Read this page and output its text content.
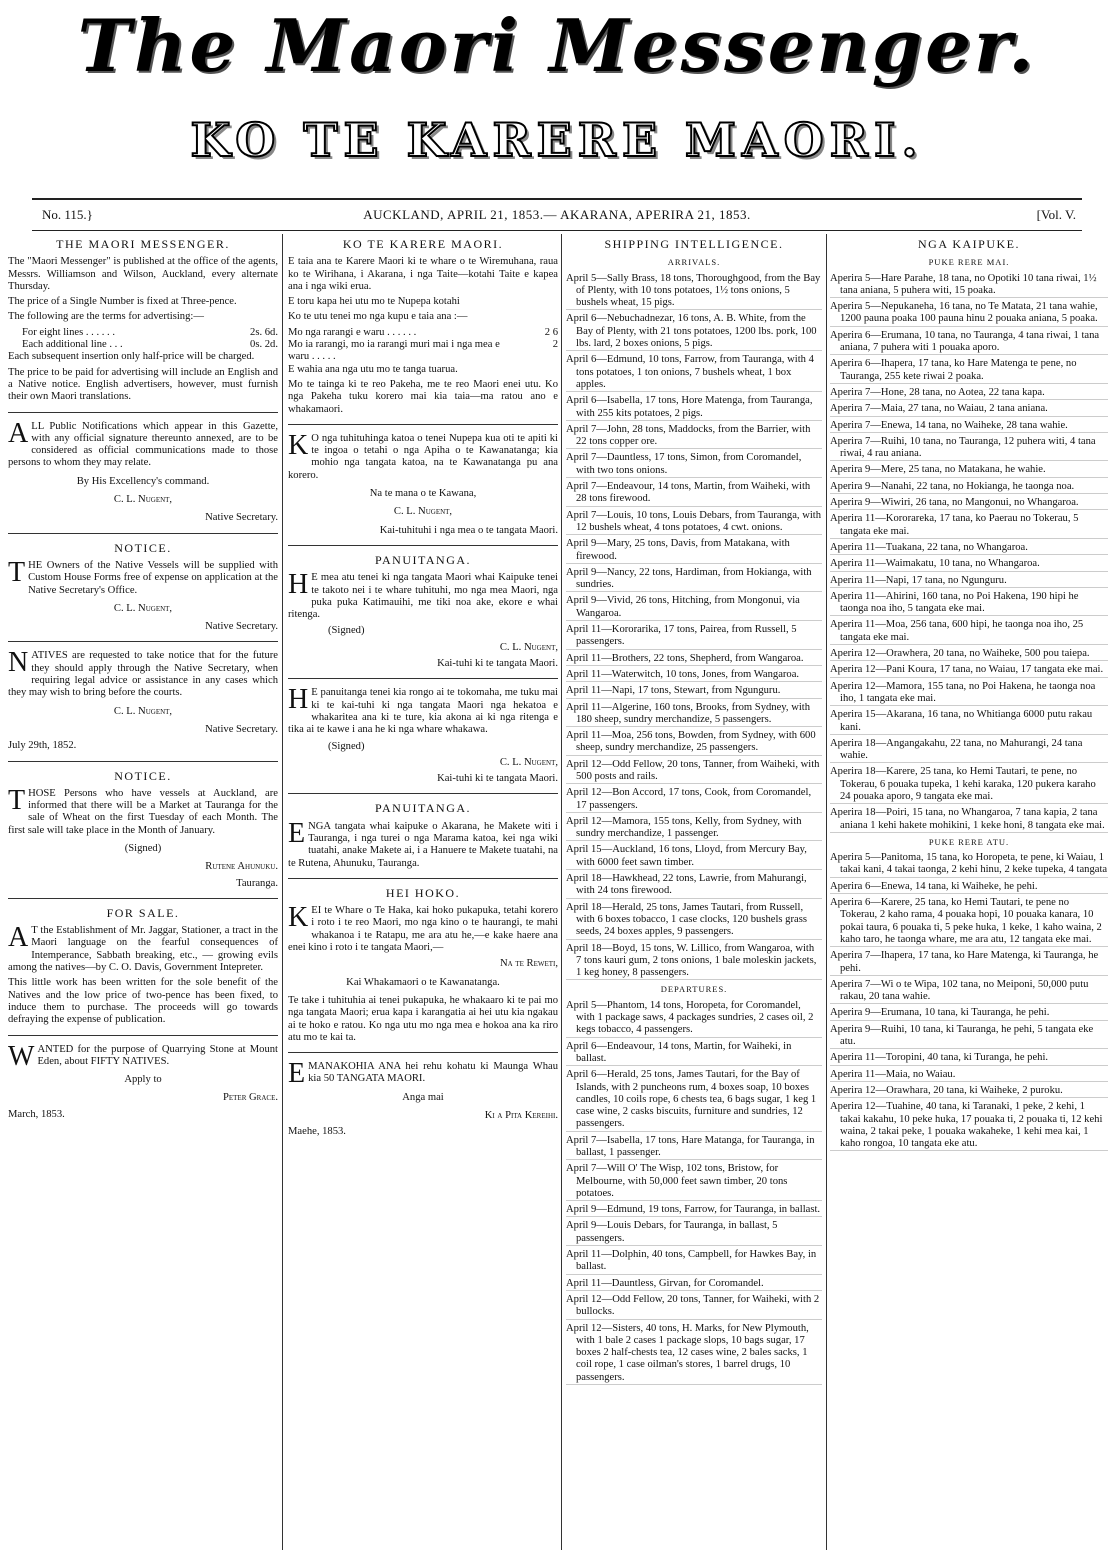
The Maori Messenger.
KO TE KARERE MAORI.
No. 115.}	AUCKLAND, APRIL 21, 1853.— AKARANA, APERIRA 21, 1853.	[Vol. V.
THE MAORI MESSENGER.

The "Maori Messenger" is published at the office of the agents, Messrs. Williamson and Wilson, Auckland, every alternate Thursday.

The price of a Single Number is fixed at Three-pence.

The following are the terms for advertising:—

For eight lines . . . . . .	2s. 6d.
Each additional line . . .	0s. 2d.

Each subsequent insertion only half-price will be charged.

The price to be paid for advertising will include an English and a Native notice. English advertisers, however, must furnish their own Maori translations.

ALL Public Notifications which appear in this Gazette, with any official signature thereunto annexed, are to be considered as official communications made to those persons to whom they may relate.

By His Excellency's command.
C. L. Nugent,
Native Secretary.
NOTICE.

THE Owners of the Native Vessels will be supplied with Custom House Forms free of expense on application at the Native Secretary's Office.

C. L. Nugent,
Native Secretary.

NATIVES are requested to take notice that for the future they should apply through the Native Secretary, when requiring legal advice or assistance in any cases which they may wish to bring before the courts.

C. L. Nugent,
Native Secretary.
July 29th, 1852.
NOTICE.

THOSE Persons who have vessels at Auckland, are informed that there will be a Market at Tauranga for the sale of Wheat on the first Tuesday of each Month. The first sale will take place in the Month of January.

(Signed)
Rutene Ahunuku.
Tauranga.
FOR SALE.

A T the Establishment of Mr. Jaggar, Stationer, a tract in the Maori language on the fearful consequences of Intemperance, Sabbath breaking, etc., — growing evils among the natives—by C. O. Davis, Government Intepreter.

This little work has been written for the sole benefit of the Natives and the low price of two-pence has been fixed, to induce them to purchase. The proceeds will go towards defraying the expense of publication.

WANTED for the purpose of Quarrying Stone at Mount Eden, about FIFTY NATIVES.

Apply to
Peter Grace.
March, 1853.
KO TE KARERE MAORI.

E taia ana te Karere Maori ki te whare o te Wiremuhana, raua ko te Wirihana, i Akarana, i nga Taite—kotahi Taite e kapea ana i nga wiki erua.

E toru kapa hei utu mo te Nupepa kotahi

Ko te utu tenei mo nga kupu e taia ana :—

Mo nga rarangi e waru . . . . . .	2 6
Mo ia rarangi, mo ia rarangi muri mai i nga mea e waru . . . . .
2

E wahia ana nga utu mo te tanga tuarua.

Mo te tainga ki te reo Pakeha, me te reo Maori enei utu. Ko nga Pakeha tuku korero mai kia taia—ma ratou ano e whakamaori.

K O nga tuhituhinga katoa o tenei Nupepa kua oti te apiti ki te ingoa o tetahi o nga Apiha o te Kawanatanga; kia mohio nga tangata katoa, na te Kawanatanga pu ana korero.

Na te mana o te Kawana,
C. L. Nugent,
Kai-tuhituhi i nga mea o te tangata Maori.
PANUITANGA.

H E mea atu tenei ki nga tangata Maori whai Kaipuke tenei te takoto nei i te whare tuhituhi, mo nga mea Maori, nga puka puka Katimauihi, me tiki noa ake, ekore e whai ritenga.

(Signed)
C. L. Nugent,
Kai-tuhi ki te tangata Maori.

H E panuitanga tenei kia rongo ai te tokomaha, me tuku mai ki te kai-tuhi ki nga tangata Maori nga hekatoa e whakaritea ana ki te ture, kia akona ai ki nga ritenga e tika ai te kawe i ana he ki nga whare whakawa.

(Signed)
C. L. Nugent,
Kai-tuhi ki te tangata Maori.
PANUITANGA.

ENGA tangata whai kaipuke o Akarana, he Makete witi i Tauranga, i nga turei o nga Marama katoa, kei nga wiki tuatahi, anake Makete ai, i a Hanuere te Makete tuatahi, na te Rutena, Ahunuku, Tauranga.

HEI HOKO.

KEI te Whare o Te Haka, kai hoko pukapuka, tetahi korero i roto i te reo Maori, mo nga kino o te haurangi, te mahi whakanoa i te Ratapu, me ara atu he,—e kake haere ana enei kino i roto i te tangata Maori,—

Na te Reweti,
Kai Whakamaori o te Kawanatanga.

Te take i tuhituhia ai tenei pukapuka, he whakaaro ki te pai mo nga tangata Maori; erua kapa i karangatia ai hei utu kia ngakau ai te hoko e ratou. Ko nga utu mo nga mea e hokoa ana ka riro atu mo te kai ta.

EMANAKOHIA ANA hei rehu kohatu ki Maunga Whau kia 50 TANGATA MAORI.

Anga mai
Ki a Pita Kereihi.
Maehe, 1853.
SHIPPING INTELLIGENCE.
ARRIVALS.
April 5—Sally Brass, 18 tons, Thoroughgood, from the Bay of Plenty, with 10 tons potatoes, 1½ tons onions, 5 bushels wheat, 15 pigs.
April 6—Nebuchadnezar, 16 tons, A. B. White, from the Bay of Plenty, with 21 tons potatoes, 1200 lbs. pork, 100 lbs. lard, 2 boxes onions, 5 pigs.
April 6—Edmund, 10 tons, Farrow, from Tauranga, with 4 tons potatoes, 1 ton onions, 7 bushels wheat, 1 box apples.
April 6—Isabella, 17 tons, Hore Matenga, from Tauranga, with 255 kits potatoes, 2 pigs.
April 7—John, 28 tons, Maddocks, from the Barrier, with 22 tons copper ore.
April 7—Dauntless, 17 tons, Simon, from Coromandel, with two tons onions.
April 7—Endeavour, 14 tons, Martin, from Waiheki, with 28 tons firewood.
April 7—Louis, 10 tons, Louis Debars, from Tauranga, with 12 bushels wheat, 4 tons potatoes, 4 cwt. onions.
April 9—Mary, 25 tons, Davis, from Matakana, with firewood.
April 9—Nancy, 22 tons, Hardiman, from Hokianga, with sundries.
April 9—Vivid, 26 tons, Hitching, from Mongonui, via Wangaroa.
April 11—Kororarika, 17 tons, Pairea, from Russell, 5 passengers.
April 11—Brothers, 22 tons, Shepherd, from Wangaroa.
April 11—Waterwitch, 10 tons, Jones, from Wangaroa.
April 11—Napi, 17 tons, Stewart, from Ngunguru.
April 11—Algerine, 160 tons, Brooks, from Sydney, with 180 sheep, sundry merchandize, 5 passengers.
April 11—Moa, 256 tons, Bowden, from Sydney, with 600 sheep, sundry merchandize, 25 passengers.
April 12—Odd Fellow, 20 tons, Tanner, from Waiheki, with 500 posts and rails.
April 12—Bon Accord, 17 tons, Cook, from Coromandel, 17 passengers.
April 12—Mamora, 155 tons, Kelly, from Sydney, with sundry merchandize, 1 passenger.
April 15—Auckland, 16 tons, Lloyd, from Mercury Bay, with 6000 feet sawn timber.
April 18—Hawkhead, 22 tons, Lawrie, from Mahurangi, with 24 tons firewood.
April 18—Herald, 25 tons, James Tautari, from Russell, with 6 boxes tobacco, 1 case clocks, 120 bushels grass seeds, 24 boxes apples, 9 passengers.
April 18—Boyd, 15 tons, W. Lillico, from Wangaroa, with 7 tons kauri gum, 2 tons onions, 1 bale moleskin jackets, 1 keg honey, 8 passengers.
DEPARTURES.
April 5—Phantom, 14 tons, Horopeta, for Coromandel, with 1 package saws, 4 packages sundries, 2 cases oil, 2 kegs tobacco, 4 passengers.
April 6—Endeavour, 14 tons, Martin, for Waiheki, in ballast.
April 6—Herald, 25 tons, James Tautari, for the Bay of Islands, with 2 puncheons rum, 4 boxes soap, 10 boxes candles, 10 coils rope, 6 chests tea, 6 bags sugar, 1 keg 1 case wine, 2 casks biscuits, furniture and sundries, 12 passengers.
April 7—Isabella, 17 tons, Hare Matanga, for Tauranga, in ballast, 1 passenger.
April 7—Will O' The Wisp, 102 tons, Bristow, for Melbourne, with 50,000 feet sawn timber, 20 tons potatoes.
April 9—Edmund, 19 tons, Farrow, for Tauranga, in ballast.
April 9—Louis Debars, for Tauranga, in ballast, 5 passengers.
April 11—Dolphin, 40 tons, Campbell, for Hawkes Bay, in ballast.
April 11—Dauntless, Girvan, for Coromandel.
April 12—Odd Fellow, 20 tons, Tanner, for Waiheki, with 2 bullocks.
April 12—Sisters, 40 tons, H. Marks, for New Plymouth, with 1 bale 2 cases 1 package slops, 10 bags sugar, 17 boxes 2 half-chests tea, 12 cases wine, 2 bales sacks, 1 coil rope, 1 case oilman's stores, 1 barrel drugs, 10 passengers.
NGA KAIPUKE.
PUKE RERE MAI.
Aperira 5—Hare Parahe, 18 tana, no Opotiki 10 tana riwai, 1½ tana aniana, 5 puhera witi, 15 poaka.
Aperira 5—Nepukaneha, 16 tana, no Te Matata, 21 tana wahie, 1200 pauna poaka 100 pauna hinu 2 pouaka aniana, 5 poaka.
Aperira 6—Erumana, 10 tana, no Tauranga, 4 tana riwai, 1 tana aniana, 7 puhera witi 1 pouaka aporo.
Aperira 6—Ihapera, 17 tana, ko Hare Matenga te pene, no Tauranga, 255 kete riwai 2 poaka.
Aperira 7—Hone, 28 tana, no Aotea, 22 tana kapa.
Aperira 7—Maia, 27 tana, no Waiau, 2 tana aniana.
Aperira 7—Enewa, 14 tana, no Waiheke, 28 tana wahie.
Aperira 7—Ruihi, 10 tana, no Tauranga, 12 puhera witi, 4 tana riwai, 4 rau aniana.
Aperira 9—Mere, 25 tana, no Matakana, he wahie.
Aperira 9—Nanahi, 22 tana, no Hokianga, he taonga noa.
Aperira 9—Wiwiri, 26 tana, no Mangonui, no Whangaroa.
Aperira 11—Kororareka, 17 tana, ko Paerau no Tokerau, 5 tangata eke mai.
Aperira 11—Tuakana, 22 tana, no Whangaroa.
Aperira 11—Waimakatu, 10 tana, no Whangaroa.
Aperira 11—Napi, 17 tana, no Ngunguru.
Aperira 11—Ahirini, 160 tana, no Poi Hakena, 190 hipi he taonga noa iho, 5 tangata eke mai.
Aperira 11—Moa, 256 tana, 600 hipi, he taonga noa iho, 25 tangata eke mai.
Aperira 12—Orawhera, 20 tana, no Waiheke, 500 pou taiepa.
Aperira 12—Pani Koura, 17 tana, no Waiau, 17 tangata eke mai.
Aperira 12—Mamora, 155 tana, no Poi Hakena, he taonga noa iho, 1 tangata eke mai.
Aperira 15—Akarana, 16 tana, no Whitianga 6000 putu rakau kani.
Aperira 18—Angangakahu, 22 tana, no Mahurangi, 24 tana wahie.
Aperira 18—Karere, 25 tana, ko Hemi Tautari, te pene, no Tokerau, 6 pouaka tupeka, 1 kehi karaka, 120 pukera karaho 24 pouaka aporo, 9 tangata eke mai.
Aperira 18—Poiri, 15 tana, no Whangaroa, 7 tana kapia, 2 tana aniana 1 kehi hakete mohikini, 1 keke honi, 8 tangata eke mai.
PUKE RERE ATU.
Aperira 5—Panitoma, 15 tana, ko Horopeta, te pene, ki Waiau, 1 takai kani, 4 takai taonga, 2 kehi hinu, 2 keke tupeka, 4 tangata
Aperira 6—Enewa, 14 tana, ki Waiheke, he pehi.
Aperira 6—Karere, 25 tana, ko Hemi Tautari, te pene no Tokerau, 2 kaho rama, 4 pouaka hopi, 10 pouaka kanara, 10 pokai taura, 6 pouaka ti, 5 peke huka, 1 keke, 1 kaho waina, 2 kaho taro, he taonga whare, me ara atu, 12 tangata eke mai.
Aperira 7—Ihapera, 17 tana, ko Hare Matenga, ki Tauranga, he pehi.
Aperira 7—Wi o te Wipa, 102 tana, no Meiponi, 50,000 putu rakau, 20 tana wahie.
Aperira 9—Erumana, 10 tana, ki Tauranga, he pehi.
Aperira 9—Ruihi, 10 tana, ki Tauranga, he pehi, 5 tangata eke atu.
Aperira 11—Toropini, 40 tana, ki Turanga, he pehi.
Aperira 11—Maia, no Waiau.
Aperira 12—Orawhara, 20 tana, ki Waiheke, 2 puroku.
Aperira 12—Tuahine, 40 tana, ki Taranaki, 1 peke, 2 kehi, 1 takai kakahu, 10 peke huka, 17 pouaka ti, 2 pouaka ti, 12 kehi waina, 2 takai peke, 1 pouaka wakaheke, 1 kehi mea kai, 1 kaho rongoa, 10 tangata eke atu.
